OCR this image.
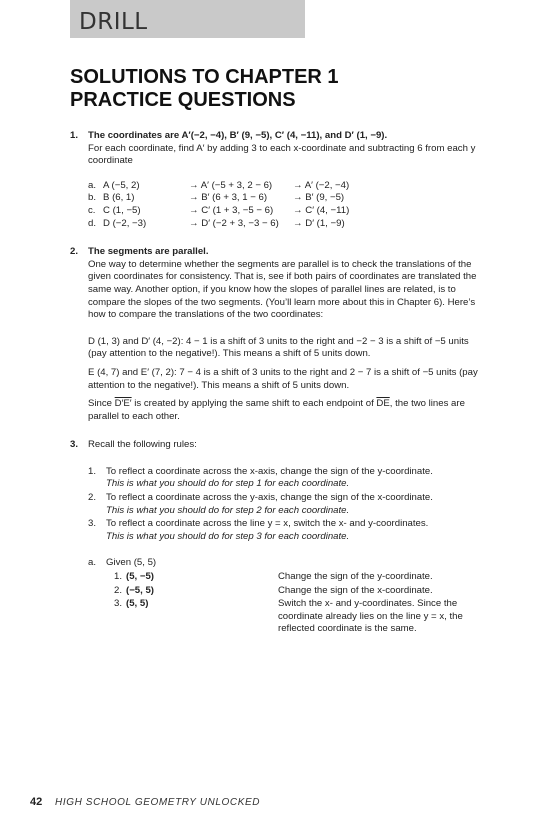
DRILL
SOLUTIONS TO CHAPTER 1
PRACTICE QUESTIONS
1. The coordinates are A′(−2, −4), B′ (9, −5), C′ (4, −11), and D′ (1, −9).

For each coordinate, find A′ by adding 3 to each x-coordinate and subtracting 6 from each y coordinate

a. A (−5, 2)	→ A′ (−5 + 3, 2 − 6)	→ A′ (−2, −4)
b. B (6, 1)	→ B′ (6 + 3, 1 − 6)	→ B′ (9, −5)
c. C (1, −5)	→ C′ (1 + 3, −5 − 6)	→ C′ (4, −11)
d. D (−2, −3)	→ D′ (−2 + 3, −3 − 6)	→ D′ (1, −9)
2. The segments are parallel.

One way to determine whether the segments are parallel is to check the translations of the given coordinates for consistency. That is, see if both pairs of coordinates are translated the same way. Another option, if you know how the slopes of parallel lines are related, is to compare the slopes of the two segments. (You’ll learn more about this in Chapter 6). Here’s how to compare the translations of the two coordinates:

D (1, 3) and D′ (4, −2): 4 − 1 is a shift of 3 units to the right and −2 − 3 is a shift of −5 units (pay attention to the negative!). This means a shift of 5 units down.

E (4, 7) and E′ (7, 2): 7 − 4 is a shift of 3 units to the right and 2 − 7 is a shift of −5 units (pay attention to the negative!). This means a shift of 5 units down.

Since D′E′ is created by applying the same shift to each endpoint of $\overline{DE}$, the two lines are parallel to each other.

3. Recall the following rules:

1. To reflect a coordinate across the x-axis, change the sign of the y-coordinate.

This is what you should do for step 1 for each coordinate.

2. To reflect a coordinate across the y-axis, change the sign of the x-coordinate.

This is what you should do for step 2 for each coordinate.

3. To reflect a coordinate across the line y = x, switch the x- and y-coordinates.

This is what you should do for step 3 for each coordinate.

a. Given (5, 5)

1. (5, −5)	Change the sign of the y-coordinate.
2. (−5, 5)	Change the sign of the x-coordinate.
3. (5, 5)	Switch the x- and y-coordinates. Since the coordinate already lies on the line y = x, the reflected coordinate is the same.
42 HIGH SCHOOL GEOMETRY UNLOCKED
